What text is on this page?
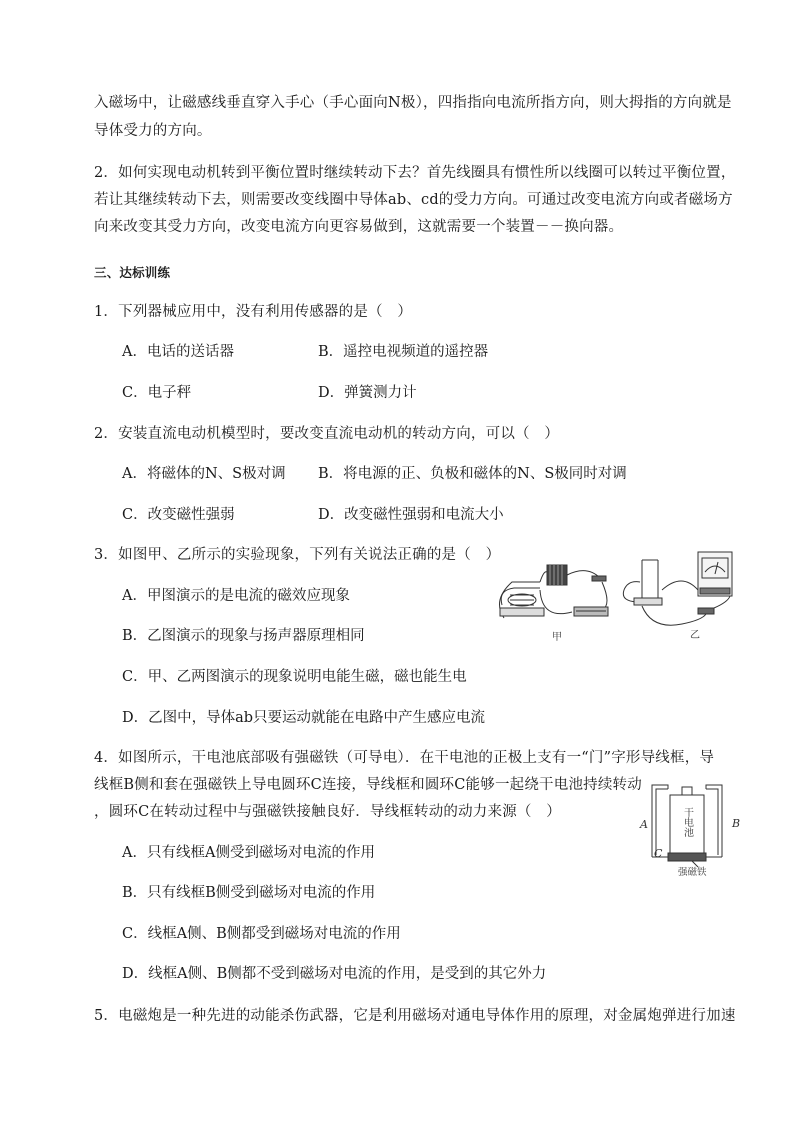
入磁场中，让磁感线垂直穿入手心（手心面向N极），四指指向电流所指方向，则大拇指的方向就是
导体受力的方向。
2．如何实现电动机转到平衡位置时继续转动下去？首先线圈具有惯性所以线圈可以转过平衡位置，
若让其继续转动下去，则需要改变线圈中导体ab、cd的受力方向。可通过改变电流方向或者磁场方
向来改变其受力方向，改变电流方向更容易做到，这就需要一个装置－－换向器。
三、达标训练
1．下列器械应用中，没有利用传感器的是（　）
A．电话的送话器	B．遥控电视频道的遥控器
C．电子秤	D．弹簧测力计
2．安装直流电动机模型时，要改变直流电动机的转动方向，可以（　）
A．将磁体的N、S极对调 B．将电源的正、负极和磁体的N、S极同时对调
C．改变磁性强弱	D．改变磁性强弱和电流大小
3．如图甲、乙所示的实验现象，下列有关说法正确的是（　）
A．甲图演示的是电流的磁效应现象
B．乙图演示的现象与扬声器原理相同
C．甲、乙两图演示的现象说明电能生磁，磁也能生电
D．乙图中，导体ab只要运动就能在电路中产生感应电流
甲	乙
4．如图所示，干电池底部吸有强磁铁（可导电）．在干电池的正极上支有一“门”字形导线框，导
线框B侧和套在强磁铁上导电圆环C连接，导线框和圆环C能够一起绕干电池持续转动
，圆环C在转动过程中与强磁铁接触良好．导线框转动的动力来源（　）
A．只有线框A侧受到磁场对电流的作用
B．只有线框B侧受到磁场对电流的作用
C．线框A侧、B侧都受到磁场对电流的作用
D．线框A侧、B侧都不受到磁场对电流的作用，是受到的其它外力
A	B
C
干电池
强磁铁
5．电磁炮是一种先进的动能杀伤武器，它是利用磁场对通电导体作用的原理，对金属炮弹进行加速
